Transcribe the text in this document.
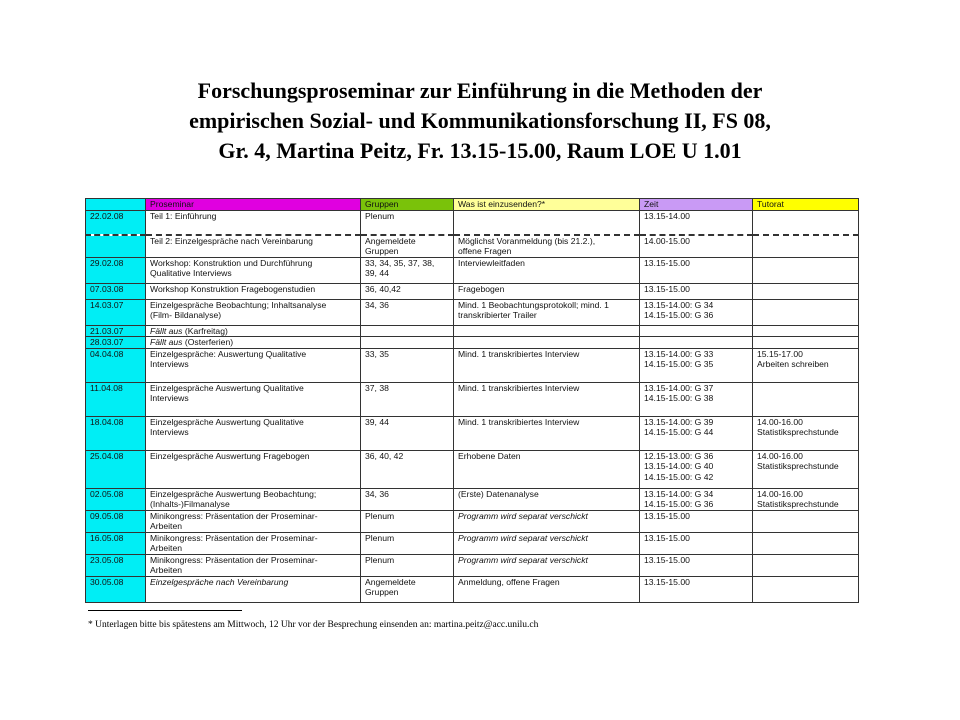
Forschungsproseminar zur Einführung in die Methoden der
empirischen Sozial- und Kommunikationsforschung II, FS 08,
Gr. 4, Martina Peitz, Fr. 13.15-15.00, Raum LOE U 1.01
	Proseminar	Gruppen	Was ist einzusenden?*	Zeit	Tutorat

22.02.08	Teil 1: Einführung	Plenum		13.15-14.00	

	Teil 2: Einzelgespräche nach Vereinbarung	Angemeldete
Gruppen	Möglichst Voranmeldung (bis 21.2.),
offene Fragen	14.00-15.00	

29.02.08	Workshop: Konstruktion und Durchführung
Qualitative Interviews	33, 34, 35, 37, 38,
39, 44	Interviewleitfaden	13.15-15.00	

07.03.08	Workshop Konstruktion Fragebogenstudien	36, 40,42	Fragebogen	13.15-15.00	

14.03.07	Einzelgespräche Beobachtung; Inhaltsanalyse
(Film- Bildanalyse)	34, 36	Mind. 1 Beobachtungsprotokoll; mind. 1
transkribierter Trailer	13.15-14.00: G 34
14.15-15.00: G 36	

21.03.07	Fällt aus (Karfreitag)				

28.03.07	Fällt aus (Osterferien)				

04.04.08	Einzelgespräche: Auswertung Qualitative
Interviews	33, 35	Mind. 1 transkribiertes Interview	13.15-14.00: G 33
14.15-15.00: G 35	15.15-17.00
Arbeiten schreiben

11.04.08	Einzelgespräche Auswertung Qualitative
Interviews	37, 38	Mind. 1 transkribiertes Interview	13.15-14.00: G 37
14.15-15.00: G 38	

18.04.08	Einzelgespräche Auswertung Qualitative
Interviews	39, 44	Mind. 1 transkribiertes Interview	13.15-14.00: G 39
14.15-15.00: G 44	14.00-16.00
Statistiksprechstunde

25.04.08	Einzelgespräche Auswertung Fragebogen	36, 40, 42	Erhobene Daten	12.15-13.00: G 36
13.15-14.00: G 40
14.15-15.00: G 42	14.00-16.00
Statistiksprechstunde

02.05.08	Einzelgespräche Auswertung Beobachtung;
(Inhalts-)Filmanalyse	34, 36	(Erste) Datenanalyse	13.15-14.00: G 34
14.15-15.00: G 36	14.00-16.00
Statistiksprechstunde

09.05.08	Minikongress: Präsentation der Proseminar-
Arbeiten	Plenum	Programm wird separat verschickt	13.15-15.00	

16.05.08	Minikongress: Präsentation der Proseminar-
Arbeiten	Plenum	Programm wird separat verschickt	13.15-15.00	

23.05.08	Minikongress: Präsentation der Proseminar-
Arbeiten	Plenum	Programm wird separat verschickt	13.15-15.00	

30.05.08	Einzelgespräche nach Vereinbarung	Angemeldete
Gruppen	Anmeldung, offene Fragen	13.15-15.00	

* Unterlagen bitte bis spätestens am Mittwoch, 12 Uhr vor der Besprechung einsenden an: martina.peitz@acc.unilu.ch
